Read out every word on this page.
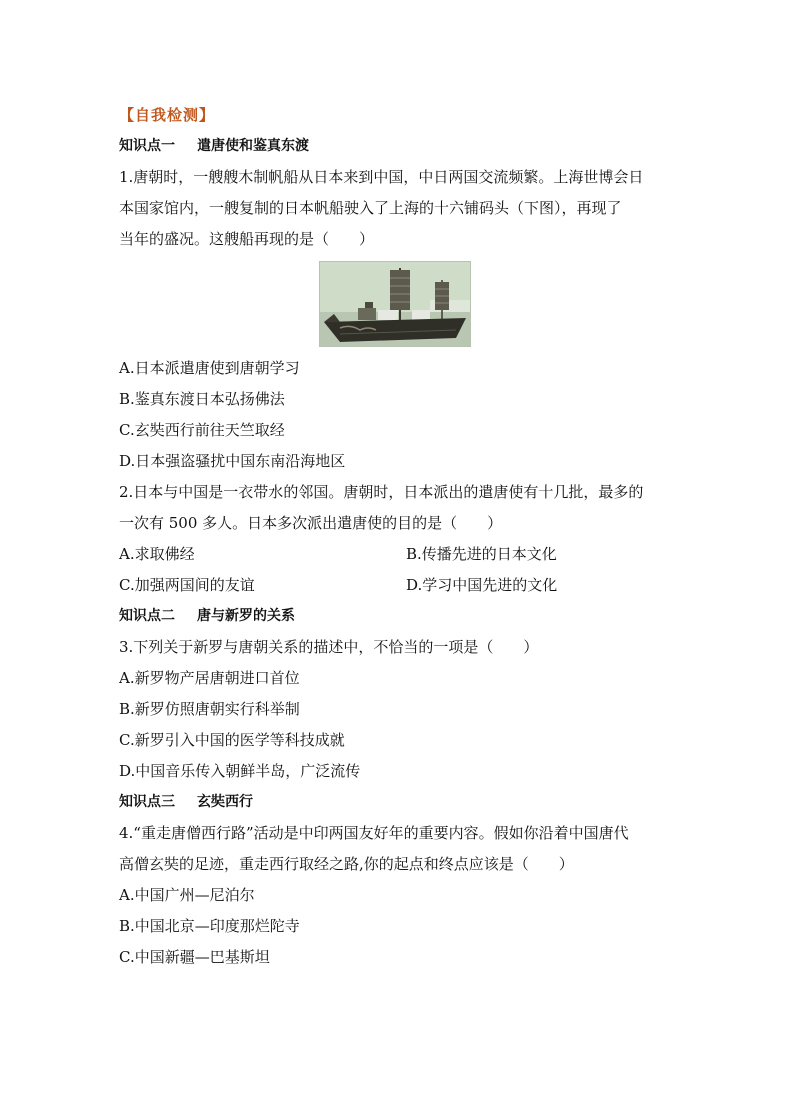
【自我检测】
知识点一 遣唐使和鉴真东渡
1.唐朝时，一艘艘木制帆船从日本来到中国，中日两国交流频繁。上海世博会日
本国家馆内，一艘复制的日本帆船驶入了上海的十六铺码头（下图），再现了
当年的盛况。这艘船再现的是（　　）
A.日本派遣唐使到唐朝学习
B.鉴真东渡日本弘扬佛法
C.玄奘西行前往天竺取经
D.日本强盗骚扰中国东南沿海地区
2.日本与中国是一衣带水的邻国。唐朝时，日本派出的遣唐使有十几批，最多的
一次有 500 多人。日本多次派出遣唐使的目的是（　　）
A.求取佛经	B.传播先进的日本文化
C.加强两国间的友谊	D.学习中国先进的文化
知识点二 唐与新罗的关系
3.下列关于新罗与唐朝关系的描述中，不恰当的一项是（　　）
A.新罗物产居唐朝进口首位
B.新罗仿照唐朝实行科举制
C.新罗引入中国的医学等科技成就
D.中国音乐传入朝鲜半岛，广泛流传
知识点三 玄奘西行
4.“重走唐僧西行路”活动是中印两国友好年的重要内容。假如你沿着中国唐代
高僧玄奘的足迹，重走西行取经之路,你的起点和终点应该是（　　）
A.中国广州—尼泊尔
B.中国北京—印度那烂陀寺
C.中国新疆—巴基斯坦
